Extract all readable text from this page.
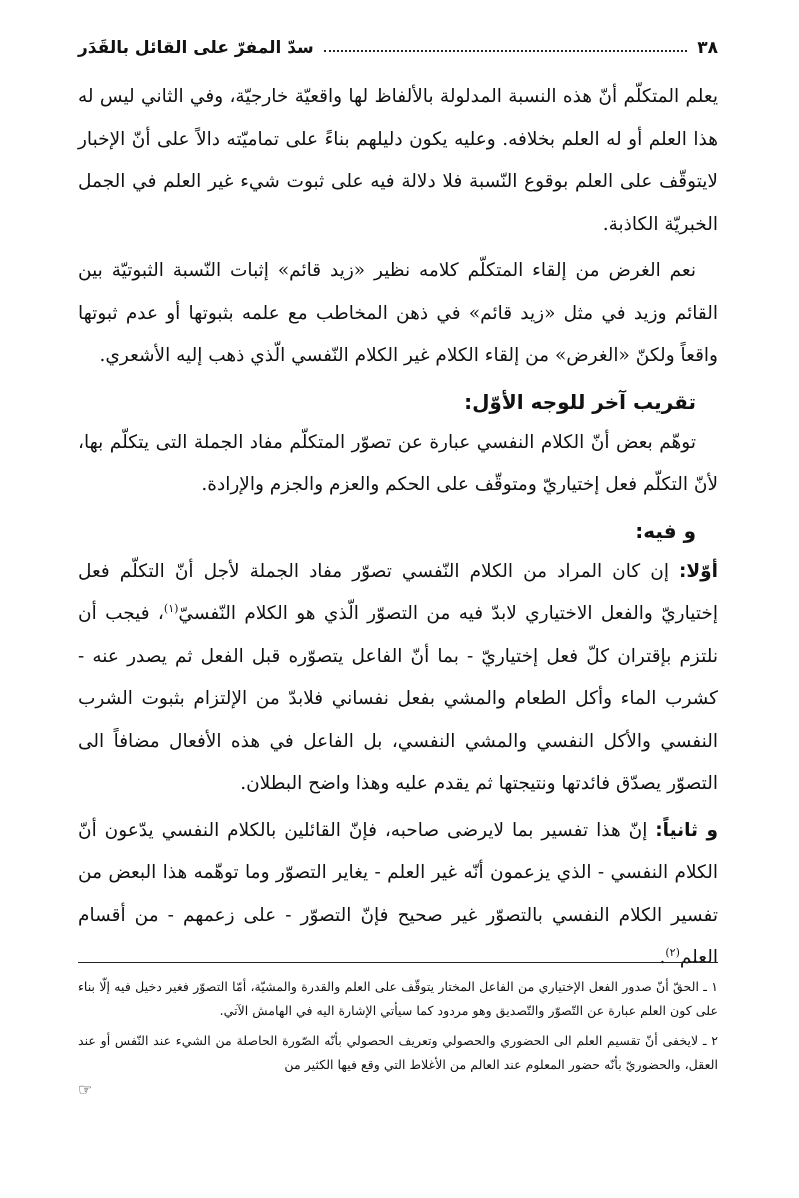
٣٨
سدّ المفرّ على القائل بالقَدَر

يعلم المتكلّم أنّ هذه النسبة المدلولة بالألفاظ لها واقعيّة خارجيّة، وفي الثاني ليس له هذا العلم أو له العلم بخلافه. وعليه يكون دليلهم بناءً على تماميّته دالاً على أنّ الإخبار لايتوقّف على العلم بوقوع النّسبة فلا دلالة فيه على ثبوت شيء غير العلم في الجمل الخبريّة الكاذبة.

نعم الغرض من إلقاء المتكلّم كلامه نظير «زيد قائم» إثبات النّسبة الثبوتيّة بين القائم وزيد في مثل «زيد قائم» في ذهن المخاطب مع علمه بثبوتها أو عدم ثبوتها واقعاً ولكنّ «الغرض» من إلقاء الكلام غير الكلام النّفسي الّذي ذهب إليه الأشعري.

تقريب آخر للوجه الأوّل:

توهّم بعض أنّ الكلام النفسي عبارة عن تصوّر المتكلّم مفاد الجملة التى يتكلّم بها، لأنّ التكلّم فعل إختياريّ ومتوقّف على الحكم والعزم والجزم والإرادة.

و فيه:

أوّلا: إن كان المراد من الكلام النّفسي تصوّر مفاد الجملة لأجل أنّ التكلّم فعل إختياريّ والفعل الاختياري لابدّ فيه من التصوّر الّذي هو الكلام النّفسيّ$^{(١)}$، فيجب أن نلتزم بإقتران كلّ فعل إختياريّ - بما أنّ الفاعل يتصوّره قبل الفعل ثم يصدر عنه - كشرب الماء وأكل الطعام والمشي بفعل نفساني فلابدّ من الإلتزام بثبوت الشرب النفسي والأكل النفسي والمشي النفسي، بل الفاعل في هذه الأفعال مضافاً الى التصوّر يصدّق فائدتها ونتيجتها ثم يقدم عليه وهذا واضح البطلان.

و ثانياً: إنّ هذا تفسير بما لايرضى صاحبه، فإنّ القائلين بالكلام النفسي يدّعون أنّ الكلام النفسي - الذي يزعمون أنّه غير العلم - يغاير التصوّر وما توهّمه هذا البعض من تفسير الكلام النفسي بالتصوّر غير صحيح فإنّ التصوّر - على زعمهم - من أقسام العلم$^{(٢)}$.

١ ـ الحقّ أنّ صدور الفعل الإختياري من الفاعل المختار يتوقّف على العلم والقدرة والمشيّة، أمّا التصوّر فغير دخيل فيه إلّا بناء على كون العلم عبارة عن التّصوّر والتّصديق وهو مردود كما سيأتي الإشارة اليه في الهامش الآتي.

٢ ـ لايخفى أنّ تقسيم العلم الى الحضوري والحصولي وتعريف الحصولي بأنّه الصّورة الحاصلة من الشيء عند النّفس أو عند العقل، والحضوريّ بأنّه حضور المعلوم عند العالم من الأغلاط التي وقع فيها الكثير من

☞
